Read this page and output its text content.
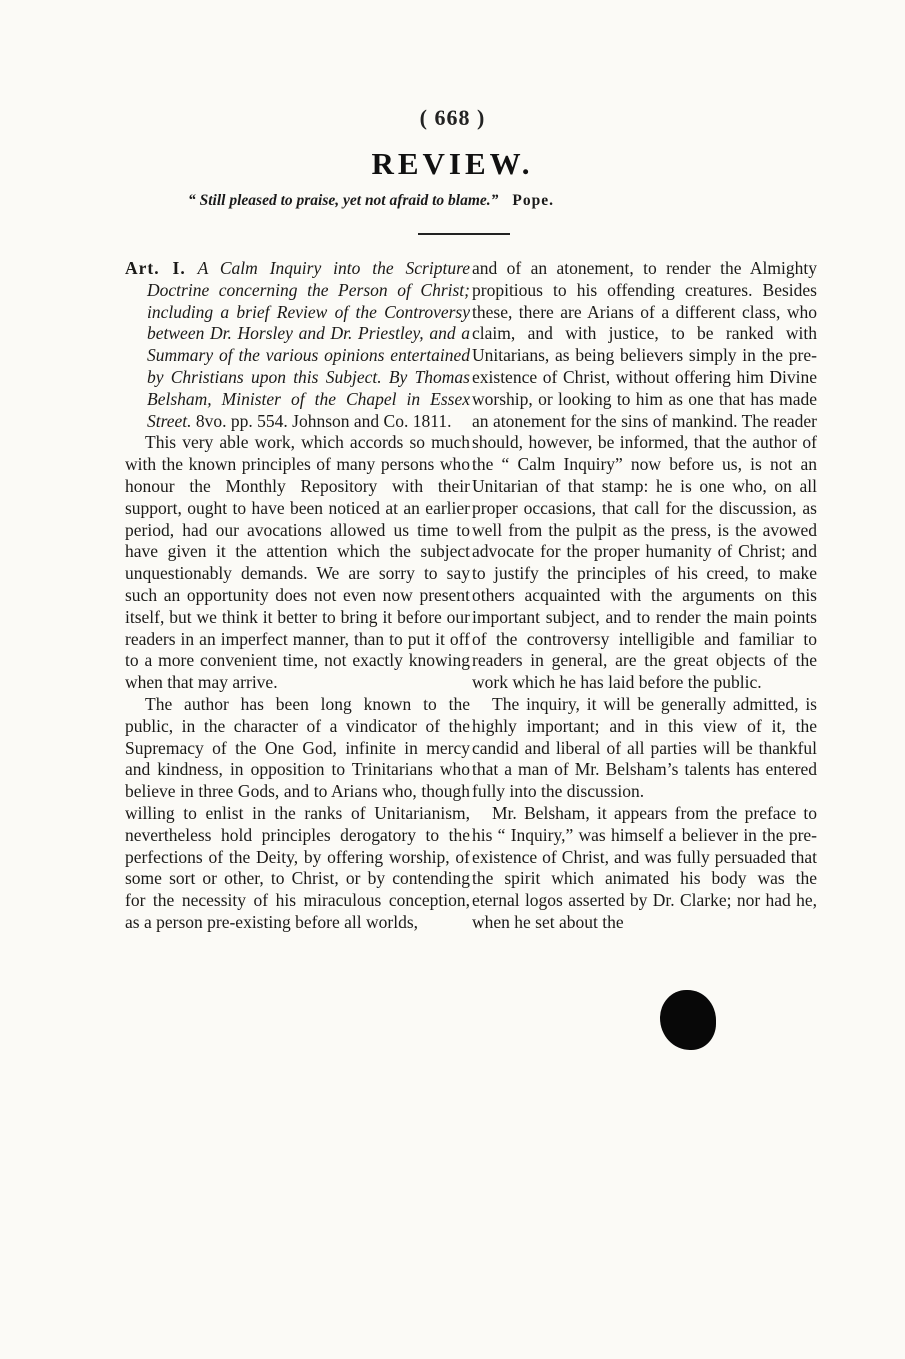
( 668 )
REVIEW.
“ Still pleased to praise, yet not afraid to blame.” Pope.

Art. I. A Calm Inquiry into the Scripture Doctrine concerning the Person of Christ; including a brief Review of the Controversy between Dr. Horsley and Dr. Priestley, and a Summary of the various opinions entertained by Christians upon this Subject. By Thomas Belsham, Minister of the Chapel in Essex Street. 8vo. pp. 554. Johnson and Co. 1811.

This very able work, which accords so much with the known principles of many persons who honour the Monthly Repository with their support, ought to have been noticed at an earlier period, had our avocations allowed us time to have given it the attention which the subject unquestionably demands. We are sorry to say such an opportunity does not even now present itself, but we think it better to bring it before our readers in an imperfect manner, than to put it off to a more convenient time, not exactly knowing when that may arrive.

The author has been long known to the public, in the character of a vindicator of the Supremacy of the One God, infinite in mercy and kindness, in opposition to Trinitarians who believe in three Gods, and to Arians who, though willing to enlist in the ranks of Unitarianism, nevertheless hold principles derogatory to the perfections of the Deity, by offering worship, of some sort or other, to Christ, or by contending for the necessity of his miraculous conception, as a person pre-existing before all worlds,

and of an atonement, to render the Almighty propitious to his offending creatures. Besides these, there are Arians of a different class, who claim, and with justice, to be ranked with Unitarians, as being believers simply in the pre-existence of Christ, without offering him Divine worship, or looking to him as one that has made an atonement for the sins of mankind. The reader should, however, be informed, that the author of the “ Calm Inquiry” now before us, is not an Unitarian of that stamp: he is one who, on all proper occasions, that call for the discussion, as well from the pulpit as the press, is the avowed advocate for the proper humanity of Christ; and to justify the principles of his creed, to make others acquainted with the arguments on this important subject, and to render the main points of the controversy intelligible and familiar to readers in general, are the great objects of the work which he has laid before the public.

The inquiry, it will be generally admitted, is highly important; and in this view of it, the candid and liberal of all parties will be thankful that a man of Mr. Belsham’s talents has entered fully into the discussion.

Mr. Belsham, it appears from the preface to his “ Inquiry,” was himself a believer in the pre-existence of Christ, and was fully persuaded that the spirit which animated his body was the eternal logos asserted by Dr. Clarke; nor had he, when he set about the
